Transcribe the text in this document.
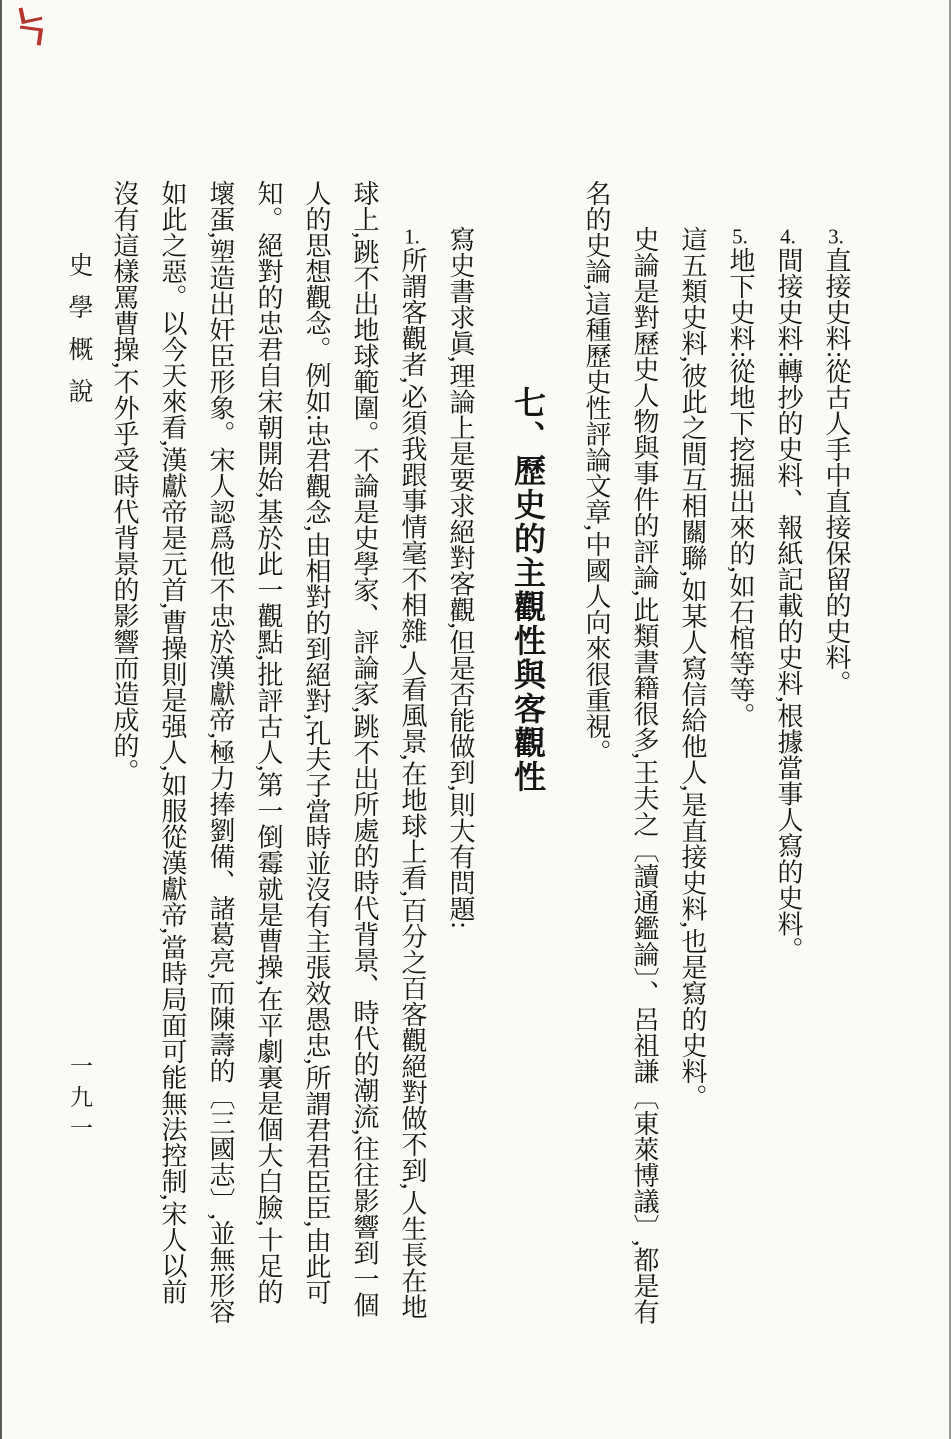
史學概說
一九一

3.直接史料:從古人手中直接保留的史料。

4.間接史料:轉抄的史料、報紙記載的史料,根據當事人寫的史料。

5.地下史料:從地下挖掘出來的,如石棺等等。

這五類史料,彼此之間互相關聯,如某人寫信給他人,是直接史料,也是寫的史料。

史論是對歷史人物與事件的評論,此類書籍很多,王夫之〔讀通鑑論〕、呂祖謙〔東萊博議〕,都是有名的史論,這種歷史性評論文章,中國人向來很重視。

七、歷史的主觀性與客觀性

寫史書求眞,理論上是要求絕對客觀,但是否能做到,則大有問題:

1.所謂客觀者,必須我跟事情毫不相雜,人看風景,在地球上看,百分之百客觀絕對做不到,人生長在地球上,跳不出地球範圍。不論是史學家、評論家,跳不出所處的時代背景、時代的潮流,往往影響到一個人的思想觀念。例如:忠君觀念,由相對的到絕對,孔夫子當時並沒有主張效愚忠,所謂君君臣臣,由此可知。絕對的忠君自宋朝開始,基於此一觀點,批評古人,第一倒霉就是曹操,在平劇裏是個大白臉,十足的壞蛋,塑造出奸臣形象。宋人認爲他不忠於漢獻帝,極力捧劉備、諸葛亮,而陳壽的〔三國志〕,並無形容如此之惡。以今天來看,漢獻帝是元首,曹操則是强人,如服從漢獻帝,當時局面可能無法控制,宋人以前沒有這樣罵曹操,不外乎受時代背景的影響而造成的。
